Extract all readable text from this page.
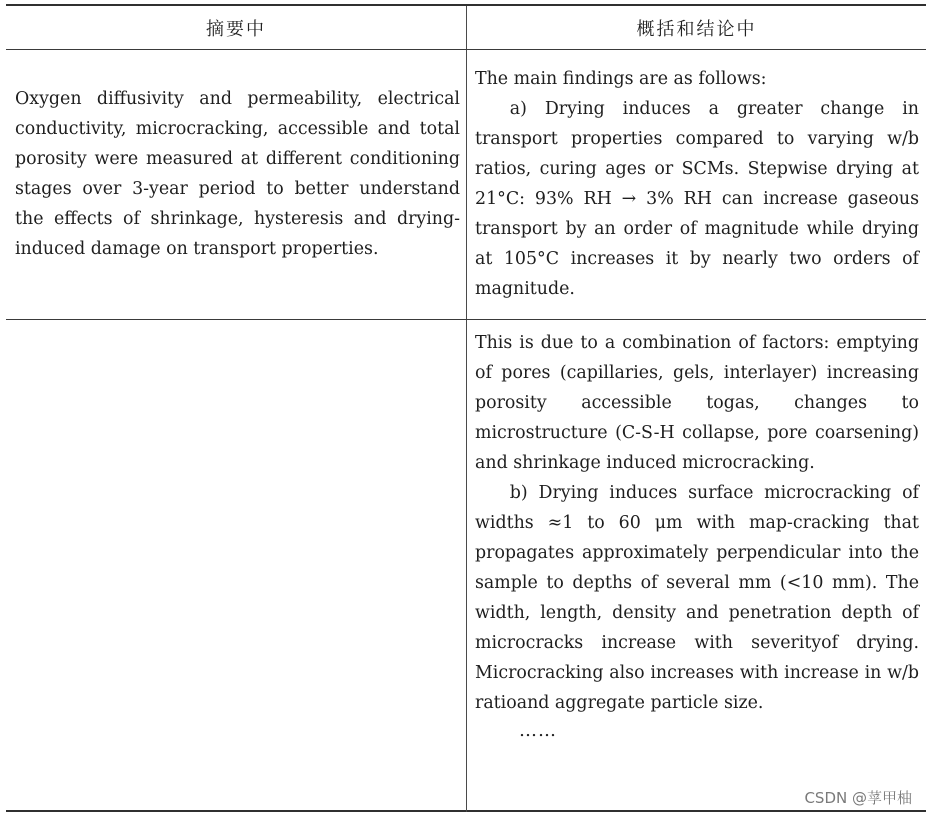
摘要中	概括和结论中

Oxygen diffusivity and permeability, electrical conductivity, microcracking, accessible and total porosity were measured at different conditioning stages over 3-year period to better understand the effects of shrinkage, hysteresis and drying-induced damage on transport properties.

The main findings are as follows:

a) Drying induces a greater change in transport properties compared to varying w/b ratios, curing ages or SCMs. Stepwise drying at 21°C: 93% RH → 3% RH can increase gaseous transport by an order of magnitude while drying at 105°C increases it by nearly two orders of magnitude.

This is due to a combination of factors: emptying of pores (capillaries, gels, interlayer) increasing porosity accessible togas, changes to microstructure (C-S-H collapse, pore coarsening) and shrinkage induced microcracking.

b) Drying induces surface microcracking of widths ≈1 to 60 μm with map-cracking that propagates approximately perpendicular into the sample to depths of several mm (<10 mm). The width, length, density and penetration depth of microcracks increase with severityof drying. Microcracking also increases with increase in w/b ratioand aggregate particle size.

……

CSDN @莩甲柚
